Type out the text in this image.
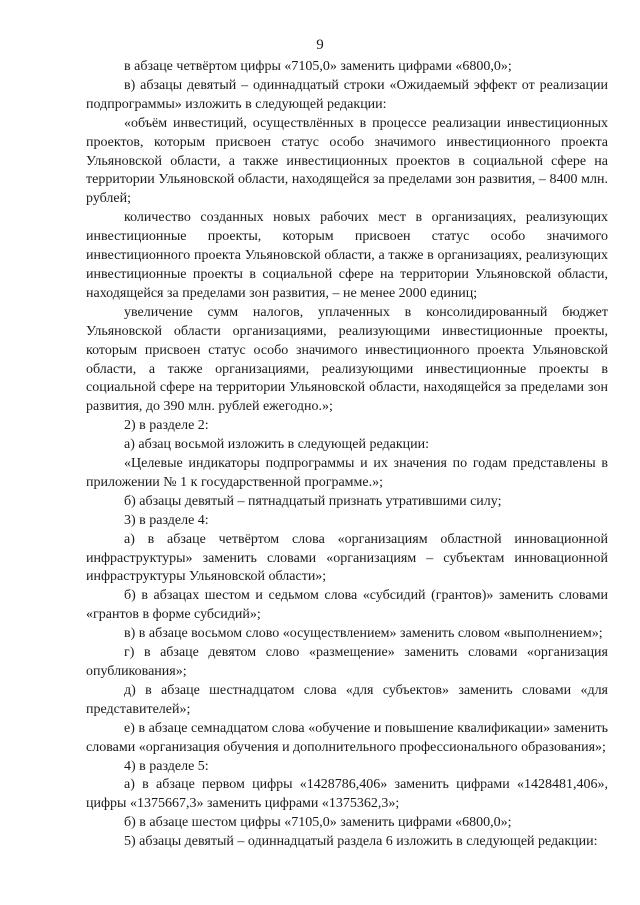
9

в абзаце четвёртом цифры «7105,0» заменить цифрами «6800,0»;

в) абзацы девятый – одиннадцатый строки «Ожидаемый эффект от реализации подпрограммы» изложить в следующей редакции:

«объём инвестиций, осуществлённых в процессе реализации инвестиционных проектов, которым присвоен статус особо значимого инвестиционного проекта Ульяновской области, а также инвестиционных проектов в социальной сфере на территории Ульяновской области, находящейся за пределами зон развития, – 8400 млн. рублей;

количество созданных новых рабочих мест в организациях, реализующих инвестиционные проекты, которым присвоен статус особо значимого инвестиционного проекта Ульяновской области, а также в организациях, реализующих инвестиционные проекты в социальной сфере на территории Ульяновской области, находящейся за пределами зон развития, – не менее 2000 единиц;

увеличение сумм налогов, уплаченных в консолидированный бюджет Ульяновской области организациями, реализующими инвестиционные проекты, которым присвоен статус особо значимого инвестиционного проекта Ульяновской области, а также организациями, реализующими инвестиционные проекты в социальной сфере на территории Ульяновской области, находящейся за пределами зон развития, до 390 млн. рублей ежегодно.»;

2) в разделе 2:

а) абзац восьмой изложить в следующей редакции:

«Целевые индикаторы подпрограммы и их значения по годам представлены в приложении № 1 к государственной программе.»;

б) абзацы девятый – пятнадцатый признать утратившими силу;

3) в разделе 4:

а) в абзаце четвёртом слова «организациям областной инновационной инфраструктуры» заменить словами «организациям – субъектам инновационной инфраструктуры Ульяновской области»;

б) в абзацах шестом и седьмом слова «субсидий (грантов)» заменить словами «грантов в форме субсидий»;

в) в абзаце восьмом слово «осуществлением» заменить словом «выполнением»;

г) в абзаце девятом слово «размещение» заменить словами «организация опубликования»;

д) в абзаце шестнадцатом слова «для субъектов» заменить словами «для представителей»;

е) в абзаце семнадцатом слова «обучение и повышение квалификации» заменить словами «организация обучения и дополнительного профессионального образования»;

4) в разделе 5:

а) в абзаце первом цифры «1428786,406» заменить цифрами «1428481,406», цифры «1375667,3» заменить цифрами «1375362,3»;

б) в абзаце шестом цифры «7105,0» заменить цифрами «6800,0»;

5) абзацы девятый – одиннадцатый раздела 6 изложить в следующей редакции:
